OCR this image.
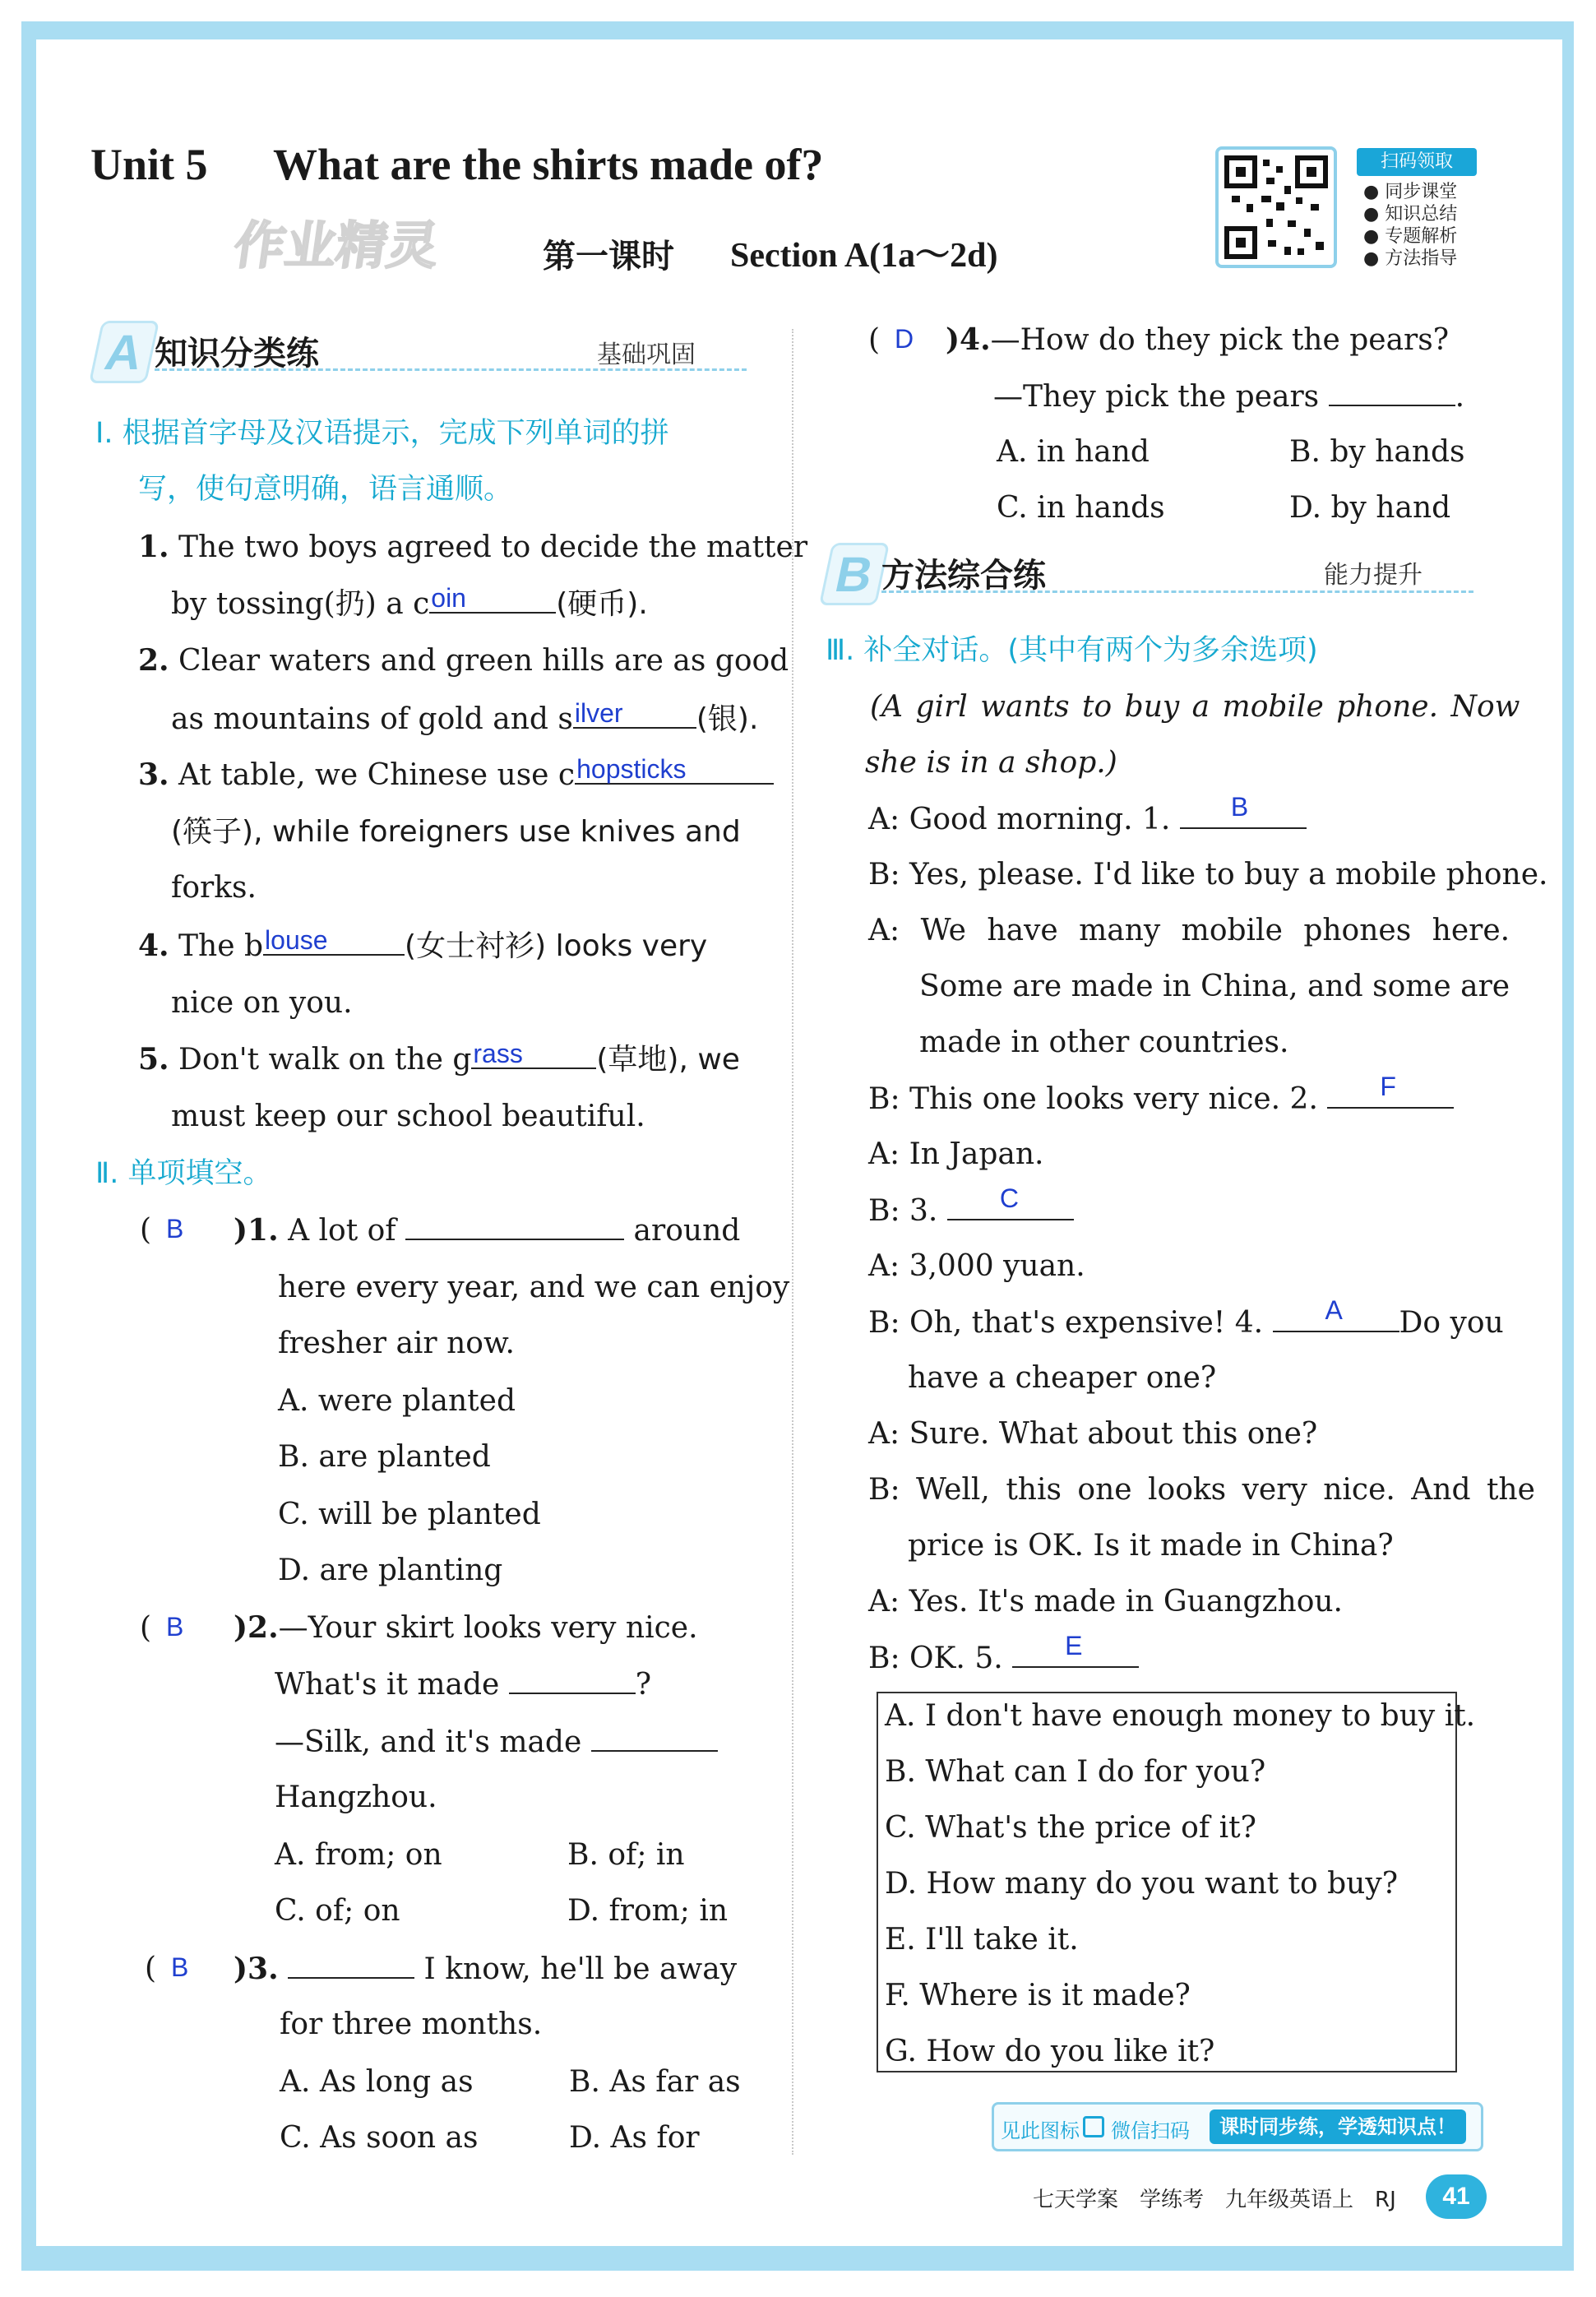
Unit 5 What are the shirts made of?
作业精灵	第一课时 Section A(1a～2d)
扫码领取
● 同步课堂
● 知识总结
● 专题解析
● 方法指导
A 知识分类练	基础巩固
Ⅰ. 根据首字母及汉语提示，完成下列单词的拼
写，使句意明确，语言通顺。
1. The two boys agreed to decide the matter
by tossing(扔) a c oin	(硬币).
2. Clear waters and green hills are as good
as mountains of gold and s ilver (银).
3. At table, we Chinese use c hopsticks
(筷子), while foreigners use knives and
forks.
4. The b louse	(女士衬衫) looks very
nice on you.
5. Don't walk on the g rass (草地), we
must keep our school beautiful.
Ⅱ. 单项填空。
( B )1. A lot of	around
here every year, and we can enjoy
fresher air now.
A. were planted
B. are planted
C. will be planted
D. are planting
( B )2.—Your skirt looks very nice.
What's it made	?
—Silk, and it's made
Hangzhou.
A. from; on	B. of; in
C. of; on	D. from; in
( B )3.	I know, he'll be away
for three months.
A. As long as	B. As far as
C. As soon as	D. As for
( D )4.—How do they pick the pears?
—They pick the pears	.
A. in hand	B. by hands
C. in hands	D. by hand
B 方法综合练	能力提升
Ⅲ. 补全对话。(其中有两个为多余选项)
(A girl wants to buy a mobile phone. Now
she is in a shop.)
A: Good morning. 1. B
B: Yes, please. I'd like to buy a mobile phone.
A: We have many mobile phones here.
Some are made in China, and some are
made in other countries.
B: This one looks very nice. 2. F
A: In Japan.
B: 3. C
A: 3,000 yuan.
B: Oh, that's expensive! 4. A Do you
have a cheaper one?
A: Sure. What about this one?
B: Well, this one looks very nice. And the
price is OK. Is it made in China?
A: Yes. It's made in Guangzhou.
B: OK. 5. E
A. I don't have enough money to buy it.
B. What can I do for you?
C. What's the price of it?
D. How many do you want to buy?
E. I'll take it.
F. Where is it made?
G. How do you like it?
见此图标 微信扫码	课时同步练，学透知识点！
七天学案　学练考　九年级英语上　RJ	41
